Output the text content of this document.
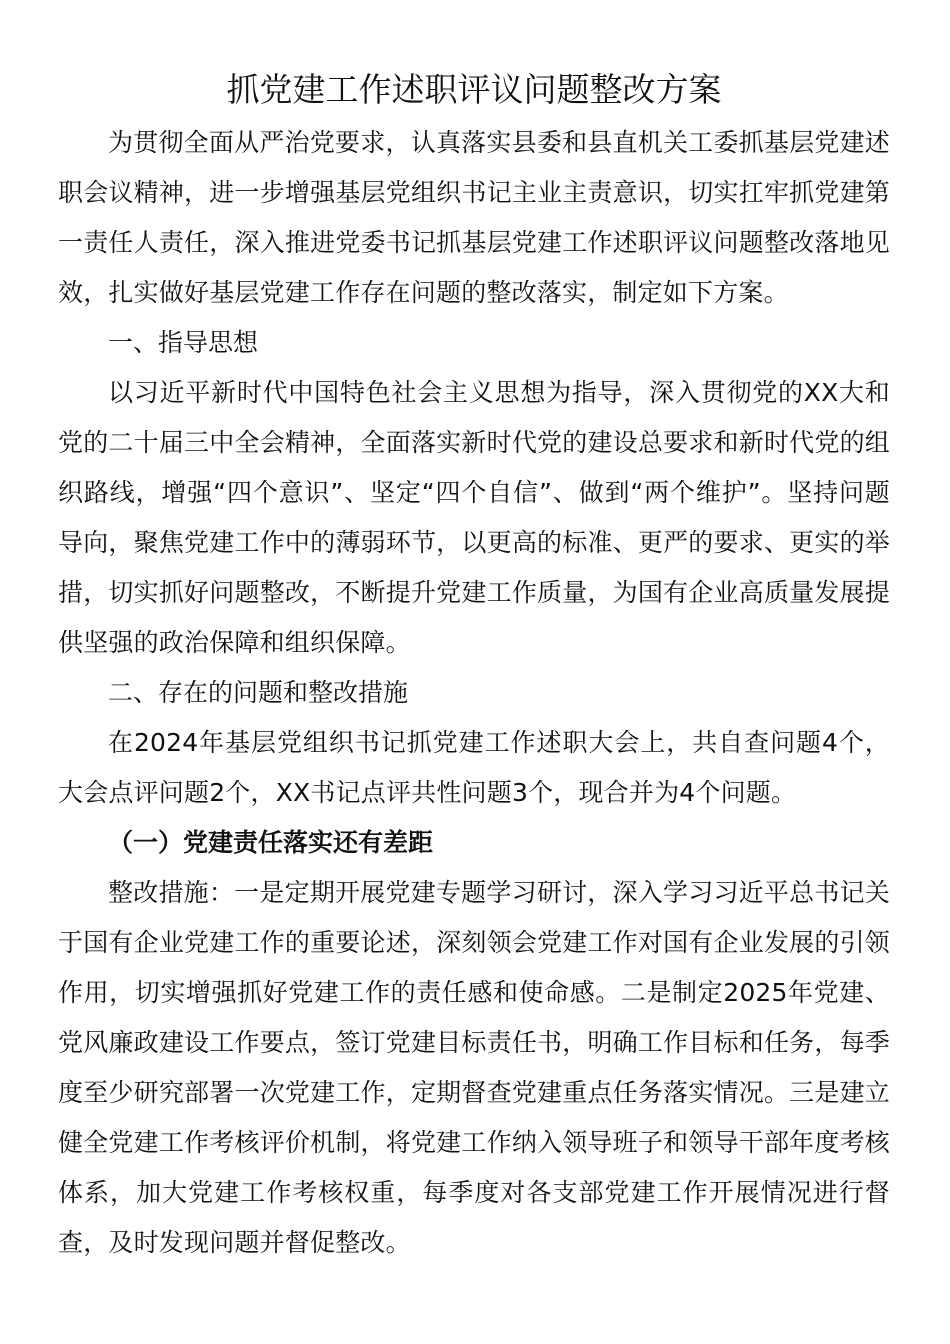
抓党建工作述职评议问题整改方案

为贯彻全面从严治党要求，认真落实县委和县直机关工委抓基层党建述职会议精神，进一步增强基层党组织书记主业主责意识，切实扛牢抓党建第一责任人责任，深入推进党委书记抓基层党建工作述职评议问题整改落地见效，扎实做好基层党建工作存在问题的整改落实，制定如下方案。

一、指导思想

以习近平新时代中国特色社会主义思想为指导，深入贯彻党的XX大和党的二十届三中全会精神，全面落实新时代党的建设总要求和新时代党的组织路线，增强“四个意识”、坚定“四个自信”、做到“两个维护”。坚持问题导向，聚焦党建工作中的薄弱环节，以更高的标准、更严的要求、更实的举措，切实抓好问题整改，不断提升党建工作质量，为国有企业高质量发展提供坚强的政治保障和组织保障。

二、存在的问题和整改措施

在2024年基层党组织书记抓党建工作述职大会上，共自查问题4个，大会点评问题2个，XX书记点评共性问题3个，现合并为4个问题。

（一）党建责任落实还有差距

整改措施：一是定期开展党建专题学习研讨，深入学习习近平总书记关于国有企业党建工作的重要论述，深刻领会党建工作对国有企业发展的引领作用，切实增强抓好党建工作的责任感和使命感。二是制定2025年党建、党风廉政建设工作要点，签订党建目标责任书，明确工作目标和任务，每季度至少研究部署一次党建工作，定期督查党建重点任务落实情况。三是建立健全党建工作考核评价机制，将党建工作纳入领导班子和领导干部年度考核体系，加大党建工作考核权重，每季度对各支部党建工作开展情况进行督查，及时发现问题并督促整改。
